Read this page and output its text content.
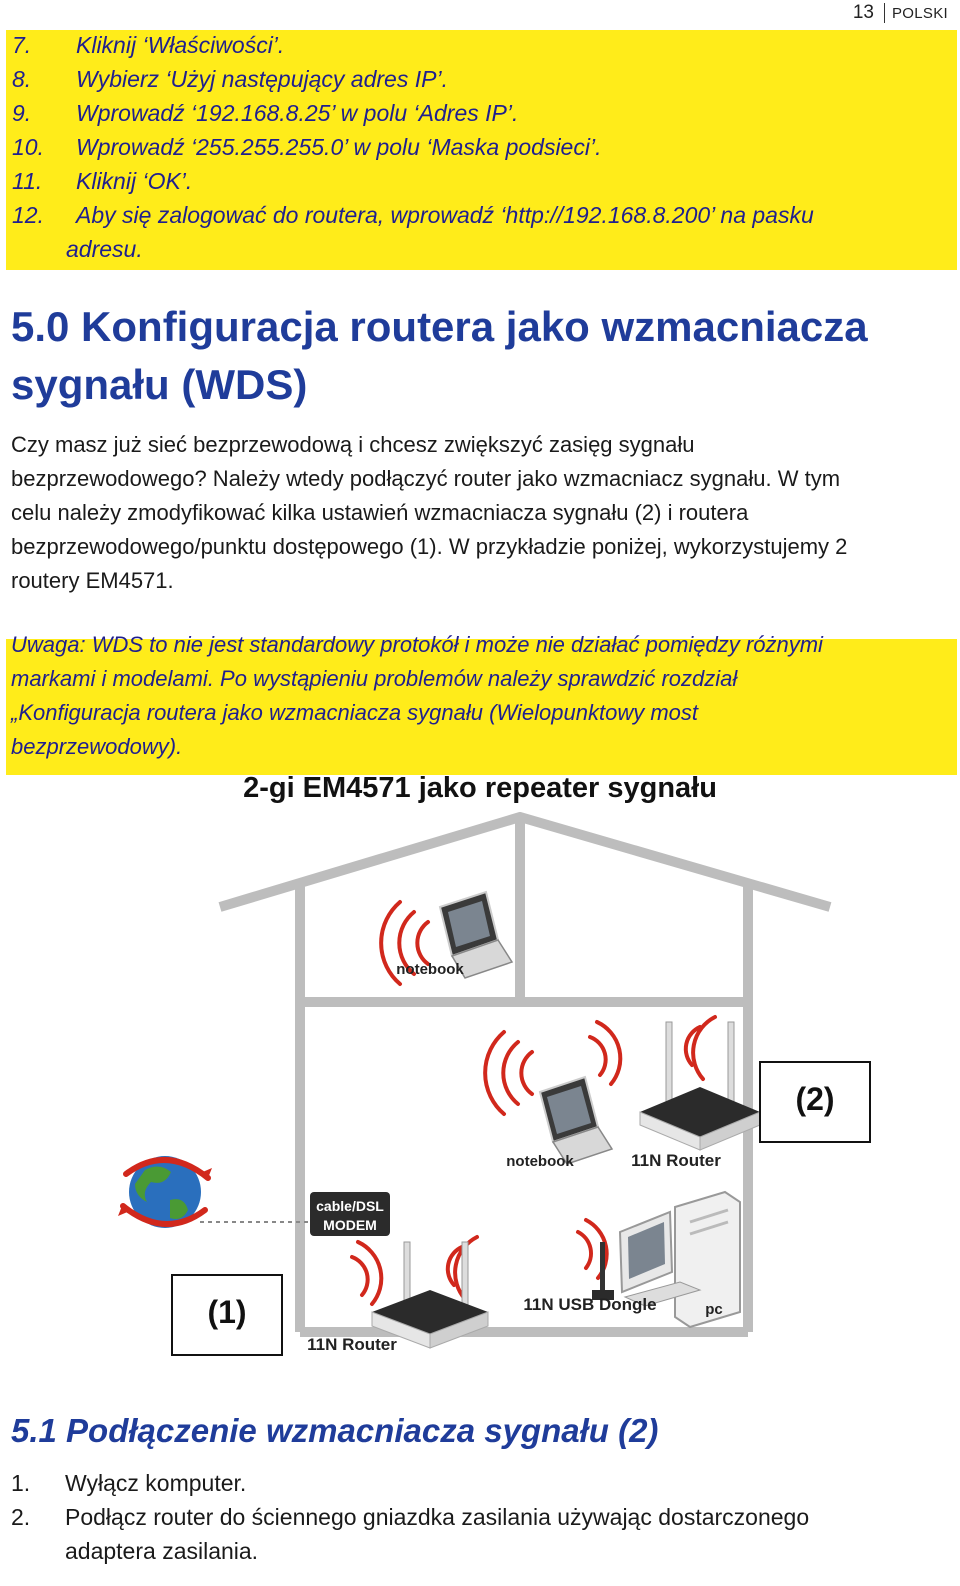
13 POLSKI
7. Kliknij ‘Właściwości’.
8. Wybierz ‘Użyj następujący adres IP’.
9. Wprowadź ‘192.168.8.25’ w polu ‘Adres IP’.
10. Wprowadź ‘255.255.255.0’ w polu ‘Maska podsieci’.
11. Kliknij ‘OK’.
12. Aby się zalogować do routera, wprowadź ‘http://192.168.8.200’ na pasku
adresu.
5.0 Konfiguracja routera jako wzmacniacza
sygnału (WDS)
Czy masz już sieć bezprzewodową i chcesz zwiększyć zasięg sygnału
bezprzewodowego? Należy wtedy podłączyć router jako wzmacniacz sygnału. W tym
celu należy zmodyfikować kilka ustawień wzmacniacza sygnału (2) i routera
bezprzewodowego/punktu dostępowego (1). W przykładzie poniżej, wykorzystujemy 2
routery EM4571.
Uwaga: WDS to nie jest standardowy protokół i może nie działać pomiędzy różnymi
markami i modelami. Po wystąpieniu problemów należy sprawdzić rozdział
„Konfiguracja routera jako wzmacniacza sygnału (Wielopunktowy most
bezprzewodowy).
2-gi EM4571 jako repeater sygnału
notebook
notebook	11N Router
(2)
cable/DSL
MODEM
11N Router
(1)	11N USB Dongle	pc
5.1 Podłączenie wzmacniacza sygnału (2)
1. Wyłącz komputer.
2. Podłącz router do ściennego gniazdka zasilania używając dostarczonego
adaptera zasilania.
